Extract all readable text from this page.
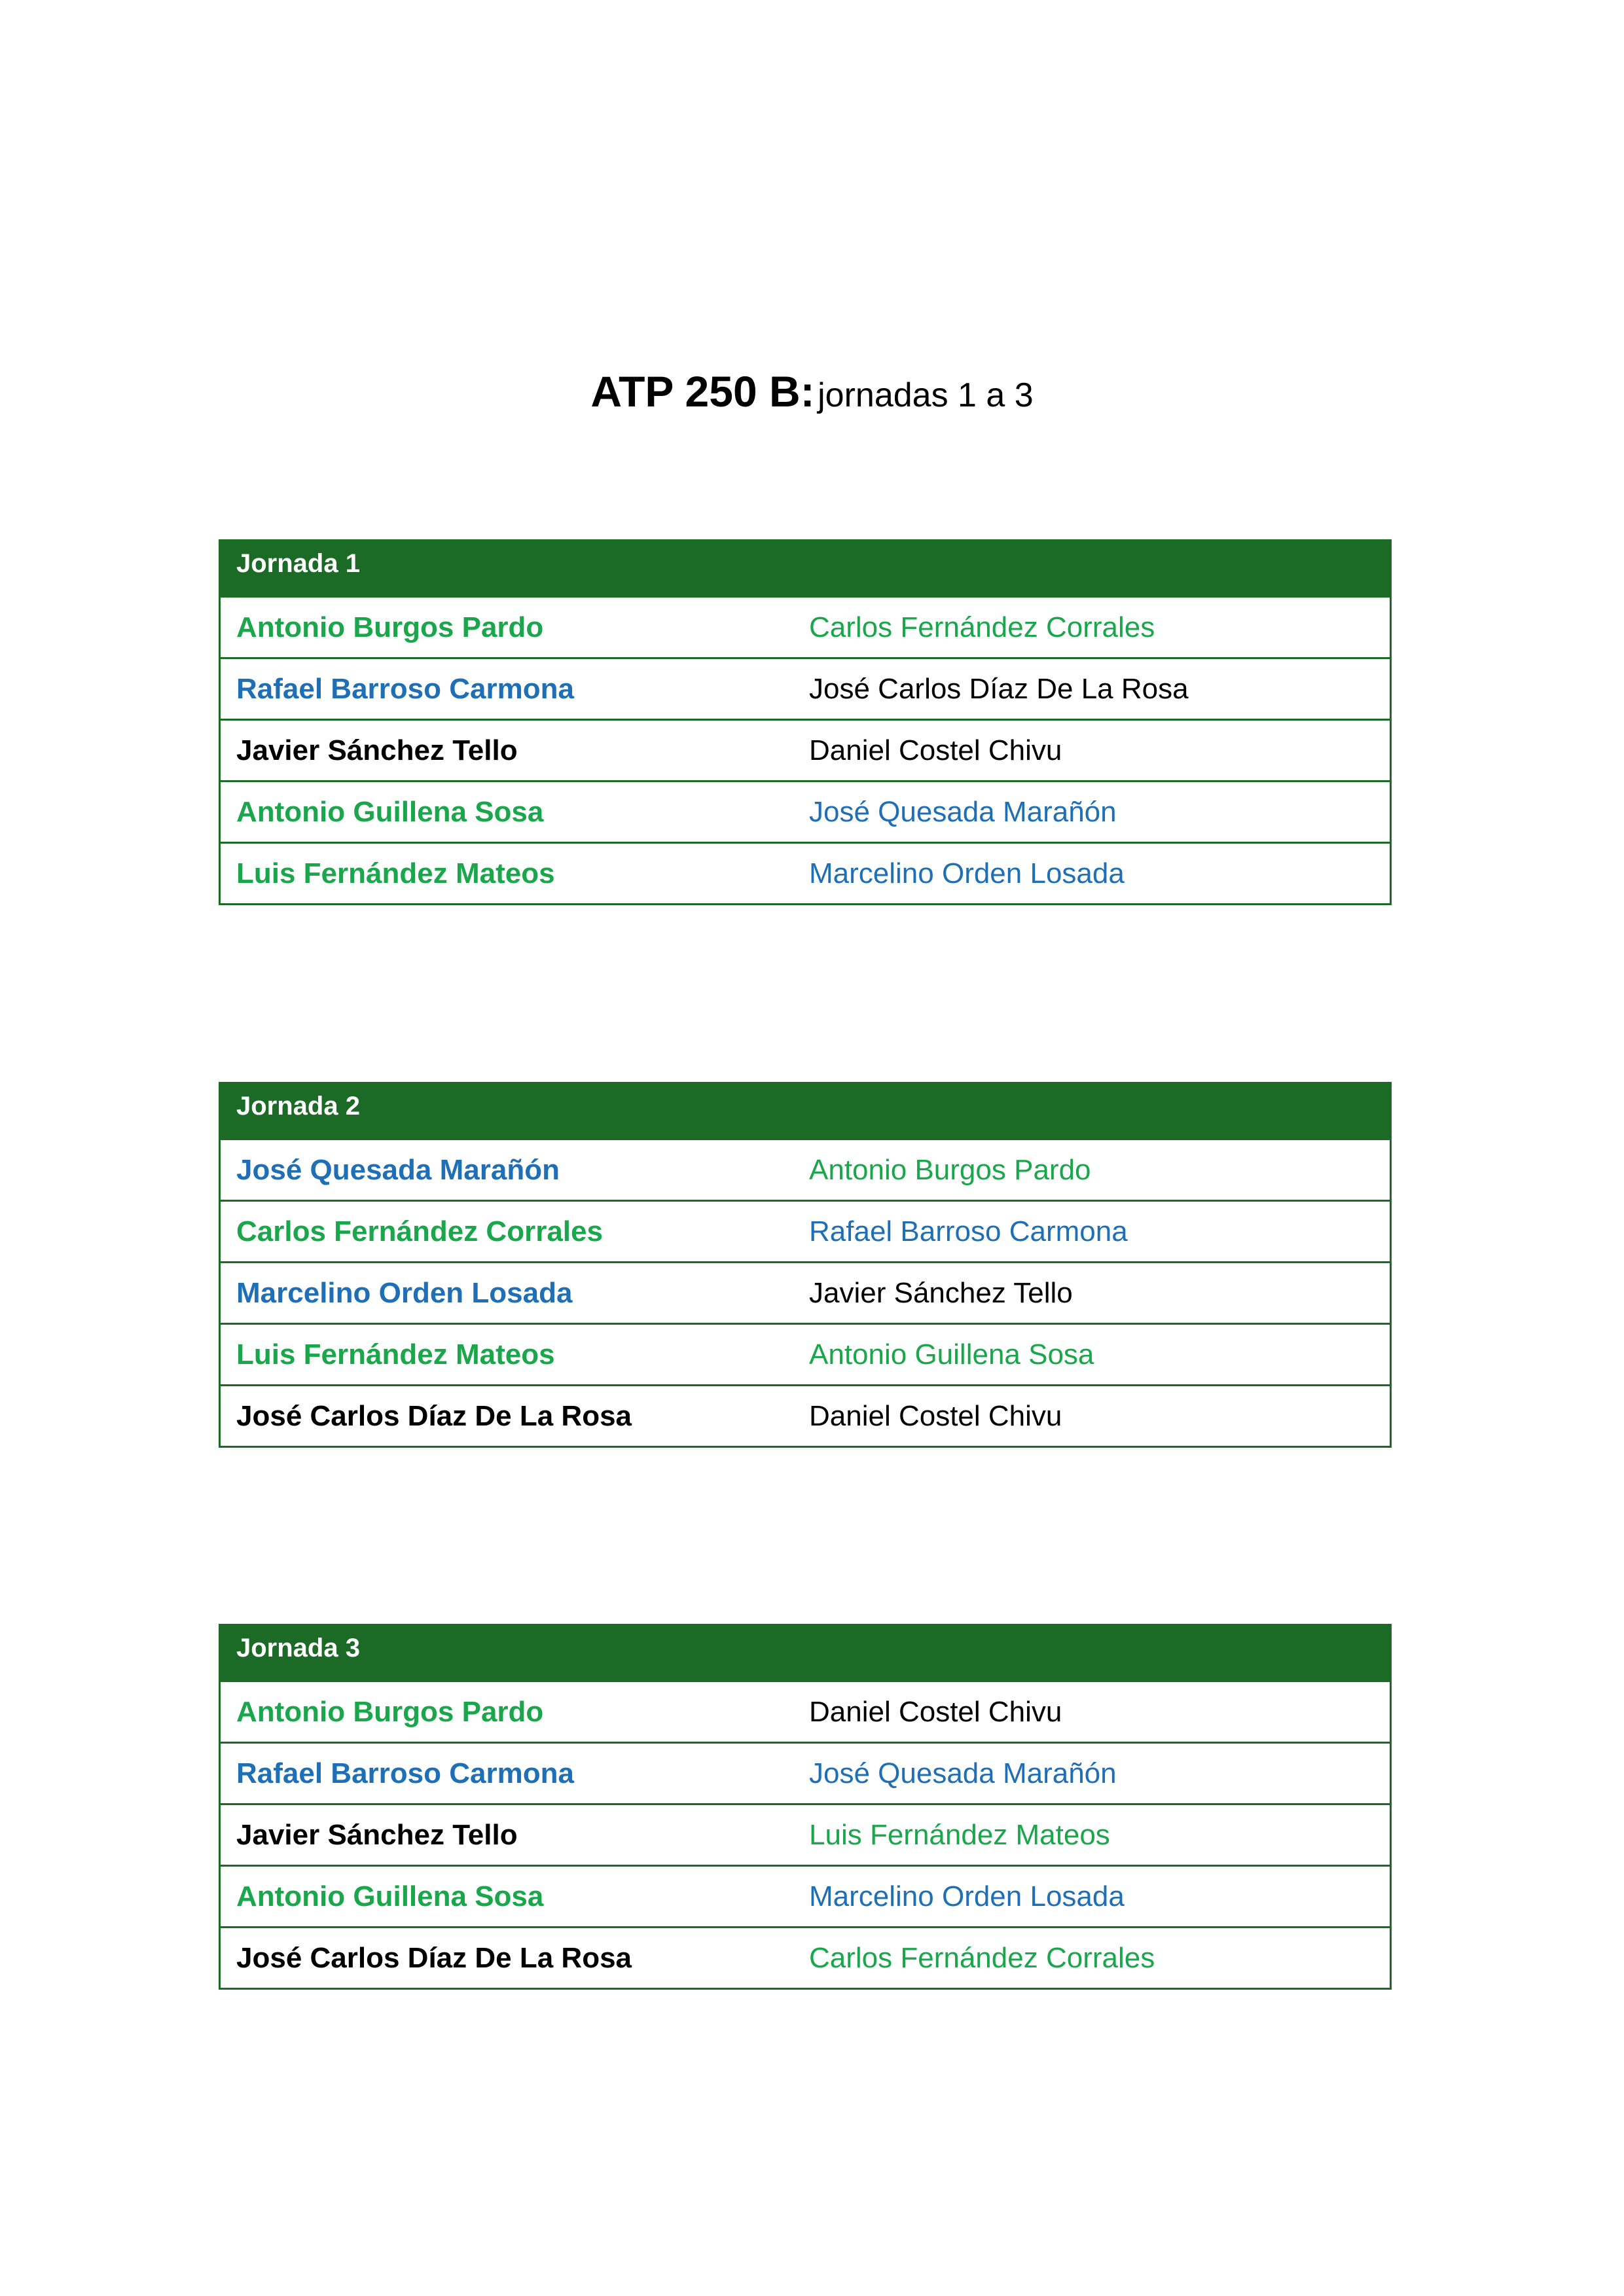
ATP 250 B: jornadas 1 a 3
Jornada 1
Antonio Burgos Pardo	Carlos Fernández Corrales
Rafael Barroso Carmona	José Carlos Díaz De La Rosa
Javier Sánchez Tello	Daniel Costel Chivu
Antonio Guillena Sosa	José Quesada Marañón
Luis Fernández Mateos	Marcelino Orden Losada
Jornada 2
José Quesada Marañón	Antonio Burgos Pardo
Carlos Fernández Corrales	Rafael Barroso Carmona
Marcelino Orden Losada	Javier Sánchez Tello
Luis Fernández Mateos	Antonio Guillena Sosa
José Carlos Díaz De La Rosa	Daniel Costel Chivu
Jornada 3
Antonio Burgos Pardo	Daniel Costel Chivu
Rafael Barroso Carmona	José Quesada Marañón
Javier Sánchez Tello	Luis Fernández Mateos
Antonio Guillena Sosa	Marcelino Orden Losada
José Carlos Díaz De La Rosa	Carlos Fernández Corrales
